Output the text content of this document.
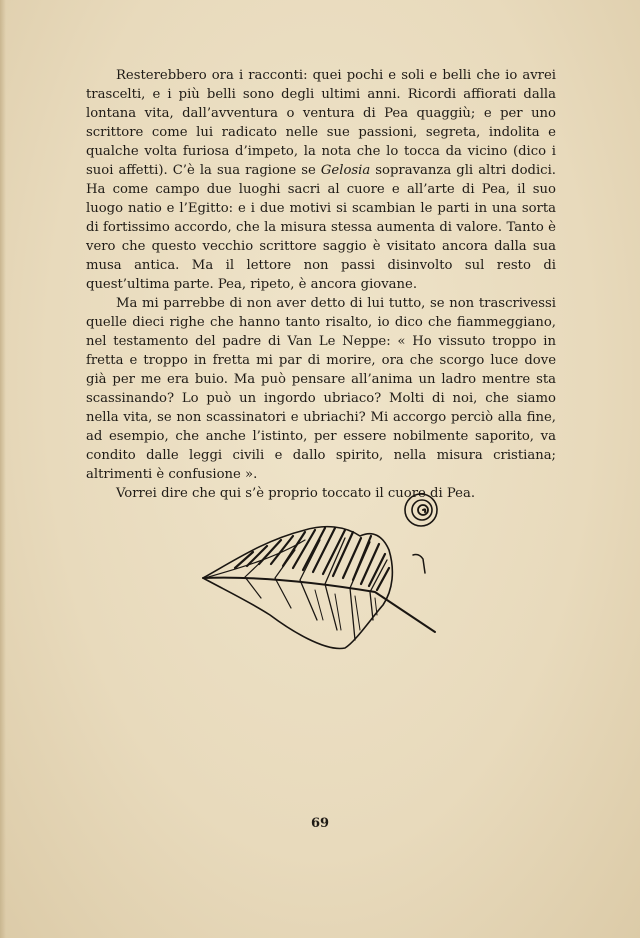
Resterebbero ora i racconti: quei pochi e soli e belli che io avrei trascelti, e i più belli sono degli ultimi anni. Ricordi affiorati dalla lontana vita, dall’avventura o ventura di Pea quaggiù; e per uno scrittore come lui radicato nelle sue passioni, segreta, indolita e qualche volta furiosa d’impeto, la nota che lo tocca da vicino (dico i suoi affetti). C’è la sua ragione se Gelosia sopravanza gli altri dodici. Ha come campo due luoghi sacri al cuore e all’arte di Pea, il suo luogo natio e l’Egitto: e i due motivi si scambian le parti in una sorta di fortissimo accordo, che la misura stessa aumenta di valore. Tanto è vero che questo vecchio scrittore saggio è visitato ancora dalla sua musa antica. Ma il lettore non passi disinvolto sul resto di quest’ultima parte. Pea, ripeto, è ancora giovane.

Ma mi parrebbe di non aver detto di lui tutto, se non trascrivessi quelle dieci righe che hanno tanto risalto, io dico che fiammeggiano, nel testamento del padre di Van Le Neppe: « Ho vissuto troppo in fretta e troppo in fretta mi par di morire, ora che scorgo luce dove già per me era buio. Ma può pensare all’anima un ladro mentre sta scassinando? Lo può un ingordo ubriaco? Molti di noi, che siamo nella vita, se non scassinatori e ubriachi? Mi accorgo perciò alla fine, ad esempio, che anche l’istinto, per essere nobilmente saporito, va condito dalle leggi civili e dallo spirito, nella misura cristiana; altrimenti è confusione ».

Vorrei dire che qui s’è proprio toccato il cuore di Pea.

69
